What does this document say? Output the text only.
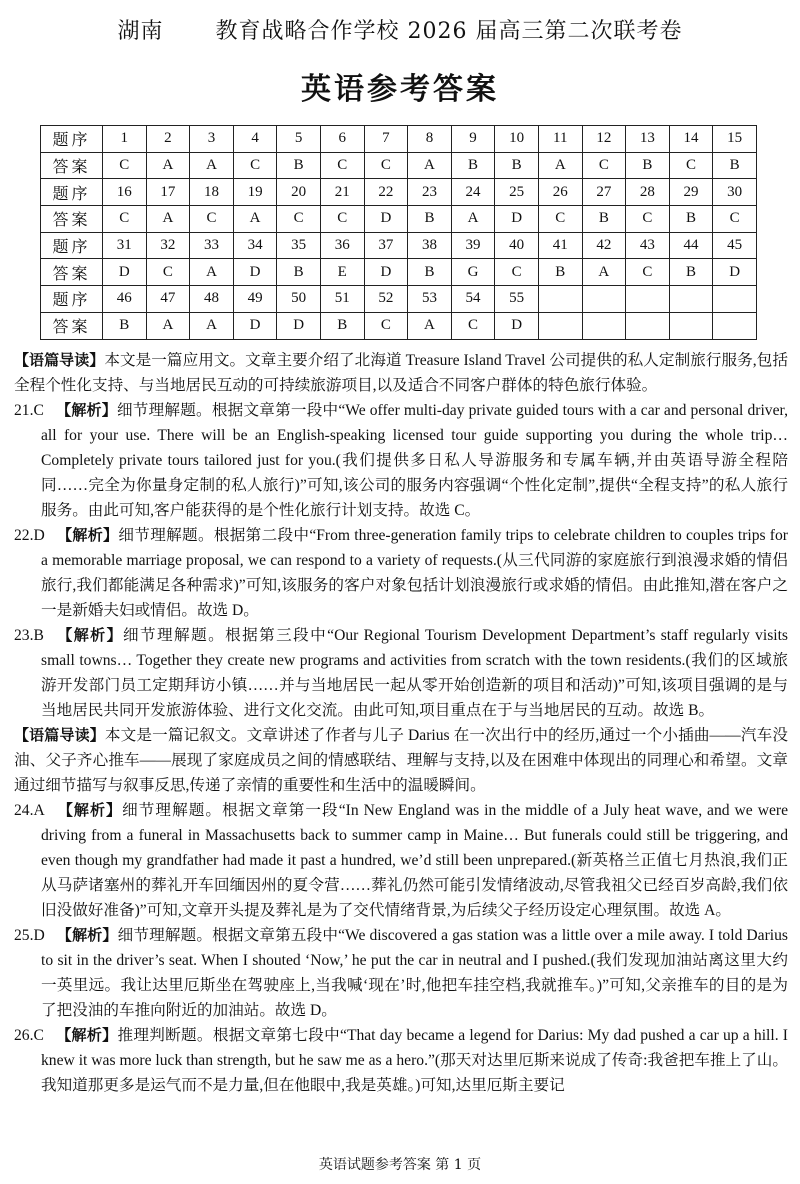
湖南 教育战略合作学校 2026 届高三第二次联考卷
英语参考答案
题序	1	2	3	4	5	6	7	8	9	10	11	12	13	14	15
答案	C	A	A	C	B	C	C	A	B	B	A	C	B	C	B
题序	16	17	18	19	20	21	22	23	24	25	26	27	28	29	30
答案	C	A	C	A	C	C	D	B	A	D	C	B	C	B	C
题序	31	32	33	34	35	36	37	38	39	40	41	42	43	44	45
答案	D	C	A	D	B	E	D	B	G	C	B	A	C	B	D
题序	46	47	48	49	50	51	52	53	54	55					
答案	B	A	A	D	D	B	C	A	C	D					

【语篇导读】本文是一篇应用文。文章主要介绍了北海道 Treasure Island Travel 公司提供的私人定制旅行服务,包括全程个性化支持、与当地居民互动的可持续旅游项目,以及适合不同客户群体的特色旅行体验。

21.C 【解析】细节理解题。根据文章第一段中“We offer multi-day private guided tours with a car and personal driver, all for your use. There will be an English-speaking licensed tour guide supporting you during the whole trip… Completely private tours tailored just for you.(我们提供多日私人导游服务和专属车辆,并由英语导游全程陪同……完全为你量身定制的私人旅行)”可知,该公司的服务内容强调“个性化定制”,提供“全程支持”的私人旅行服务。由此可知,客户能获得的是个性化旅行计划支持。故选 C。

22.D 【解析】细节理解题。根据第二段中“From three-generation family trips to celebrate children to couples trips for a memorable marriage proposal, we can respond to a variety of requests.(从三代同游的家庭旅行到浪漫求婚的情侣旅行,我们都能满足各种需求)”可知,该服务的客户对象包括计划浪漫旅行或求婚的情侣。由此推知,潜在客户之一是新婚夫妇或情侣。故选 D。

23.B 【解析】细节理解题。根据第三段中“Our Regional Tourism Development Department’s staff regularly visits small towns… Together they create new programs and activities from scratch with the town residents.(我们的区域旅游开发部门员工定期拜访小镇……并与当地居民一起从零开始创造新的项目和活动)”可知,该项目强调的是与当地居民共同开发旅游体验、进行文化交流。由此可知,项目重点在于与当地居民的互动。故选 B。

【语篇导读】本文是一篇记叙文。文章讲述了作者与儿子 Darius 在一次出行中的经历,通过一个小插曲——汽车没油、父子齐心推车——展现了家庭成员之间的情感联结、理解与支持,以及在困难中体现出的同理心和希望。文章通过细节描写与叙事反思,传递了亲情的重要性和生活中的温暖瞬间。

24.A 【解析】细节理解题。根据文章第一段“In New England was in the middle of a July heat wave, and we were driving from a funeral in Massachusetts back to summer camp in Maine… But funerals could still be triggering, and even though my grandfather had made it past a hundred, we’d still been unprepared.(新英格兰正值七月热浪,我们正从马萨诸塞州的葬礼开车回缅因州的夏令营……葬礼仍然可能引发情绪波动,尽管我祖父已经百岁高龄,我们依旧没做好准备)”可知,文章开头提及葬礼是为了交代情绪背景,为后续父子经历设定心理氛围。故选 A。

25.D 【解析】细节理解题。根据文章第五段中“We discovered a gas station was a little over a mile away. I told Darius to sit in the driver’s seat. When I shouted ‘Now,’ he put the car in neutral and I pushed.(我们发现加油站离这里大约一英里远。我让达里厄斯坐在驾驶座上,当我喊‘现在’时,他把车挂空档,我就推车。)”可知,父亲推车的目的是为了把没油的车推向附近的加油站。故选 D。

26.C 【解析】推理判断题。根据文章第七段中“That day became a legend for Darius: My dad pushed a car up a hill. I knew it was more luck than strength, but he saw me as a hero.”(那天对达里厄斯来说成了传奇:我爸把车推上了山。我知道那更多是运气而不是力量,但在他眼中,我是英雄。)可知,达里厄斯主要记

英语试题参考答案 第 1 页
